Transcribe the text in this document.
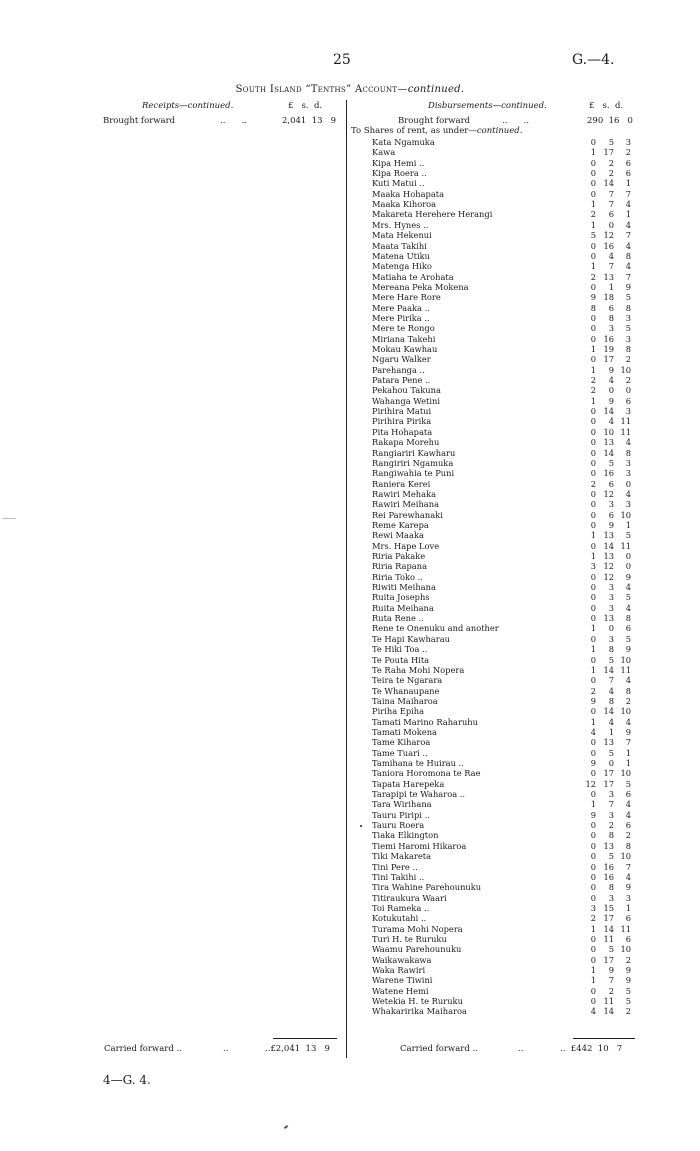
25	G.—4.
South Island “Tenths” Account—continued.
Receipts—continued.	£   s.  d.
Brought forward	..      ..	2,041  13   9
Disbursements—continued.	£   s.  d.
Brought forward	..      ..	290  16   0
To Shares of rent, as under—continued.
Kata Ngamuka	0	5	3
Kawa	1 17	2
Kipa Hemi ..	0	2	6
Kipa Roera ..	0	2	6
Kuti Matui ..	0 14	1
Maaka Hohapata	0	7	7
Maaka Kihoroa	1	7	4
Makareta Herehere Herangi	2	6	1
Mrs. Hynes ..	1	0	4
Mata Hekenui	5 12	7
Maata Takihi	0 16	4
Matena Utiku	0	4	8
Matenga Hiko	1	7	4
Matiaha te Arohata	2 13	7
Mereana Peka Mokena	0	1	9
Mere Hare Rore	9 18	5
Mere Paaka ..	8	6	8
Mere Pirika ..	0	8	3
Mere te Rongo	0	3	5
Miriana Takehi	0 16	3
Mokau Kawhau	1 19	8
Ngaru Walker	0 17	2
Parehanga ..	1	9 10
Patara Pene ..	2	4	2
Pekahou Takuna	2	0	0
Wahanga Wetini	1	9	6
Pirihira Matui	0 14	3
Pirihira Pirika	0	4 11
Pita Hohapata	0 10 11
Rakapa Morehu	0 13	4
Rangiariri Kawharu	0 14	8
Rangiriri Ngamuka	0	5	3
Rangiwahia te Puni	0 16	3
Raniera Kerei	2	6	0
Rawiri Mehaka	0 12	4
Rawiri Meihana	0	3	3
Rei Parewhanaki	0	6 10
Reme Karepa	0	9	1
Rewi Maaka	1 13	5
Mrs. Hape Love	0 14 11
Riria Pakake	1 13	0
Riria Rapana	3 12	0
Riria Toko ..	0 12	9
Riwiti Meihana	0	3	4
Ruita Josephs	0	3	5
Ruita Meihana	0	3	4
Ruta Rene ..	0 13	8
Rene te Onenuku and another	1	0	6
Te Hapi Kawharau	0	3	5
Te Hiki Toa ..	1	8	9
Te Pouta Hita	0	5 10
Te Raha Mohi Nopera	1 14 11
Teira te Ngarara	0	7	4
Te Whanaupane	2	4	8
Taina Maiharoa	9	8	2
Piriha Epiha	0 14 10
Tamati Marino Raharuhu	1	4	4
Tamati Mokena	4	1	9
Tame Kiharoa	0 13	7
Tame Tuari ..	0	5	1
Tamihana te Huirau ..	9	0	1
Taniora Horomona te Rae	0 17 10
Tapata Harepeka	12 17	5
Tarapipi te Waharoa ..	0	3	6
Tara Wirihana	1	7	4
Tauru Piripi ..	9	3	4
Tauru Roera	0	2	6
Tiaka Elkington	0	8	2
Tiemi Haromi Hikaroa	0 13	8
Tiki Makareta	0	5 10
Tini Pere ..	0 16	7
Tini Takihi ..	0 16	4
Tira Wahine Parehounuku	0	8	9
Titiraukura Waari	0	3	3
Toi Rameka ..	3 15	1
Kotukutahi ..	2 17	6
Turama Mohi Nopera	1 14 11
Turi H. te Ruruku	0 11	6
Waamu Parehounuku	0	5 10
Waikawakawa	0 17	2
Waka Rawiri	1	9	9
Warene Tiwini	1	7	9
Watene Hemi	0	2	5
Wetekia H. te Ruruku	0 11	5
Whakaririka Maiharoa	4 14	2
Carried forward ..	..	..£2,041  13   9	Carried forward ..	..	..  £442  10   7
4—G. 4.
